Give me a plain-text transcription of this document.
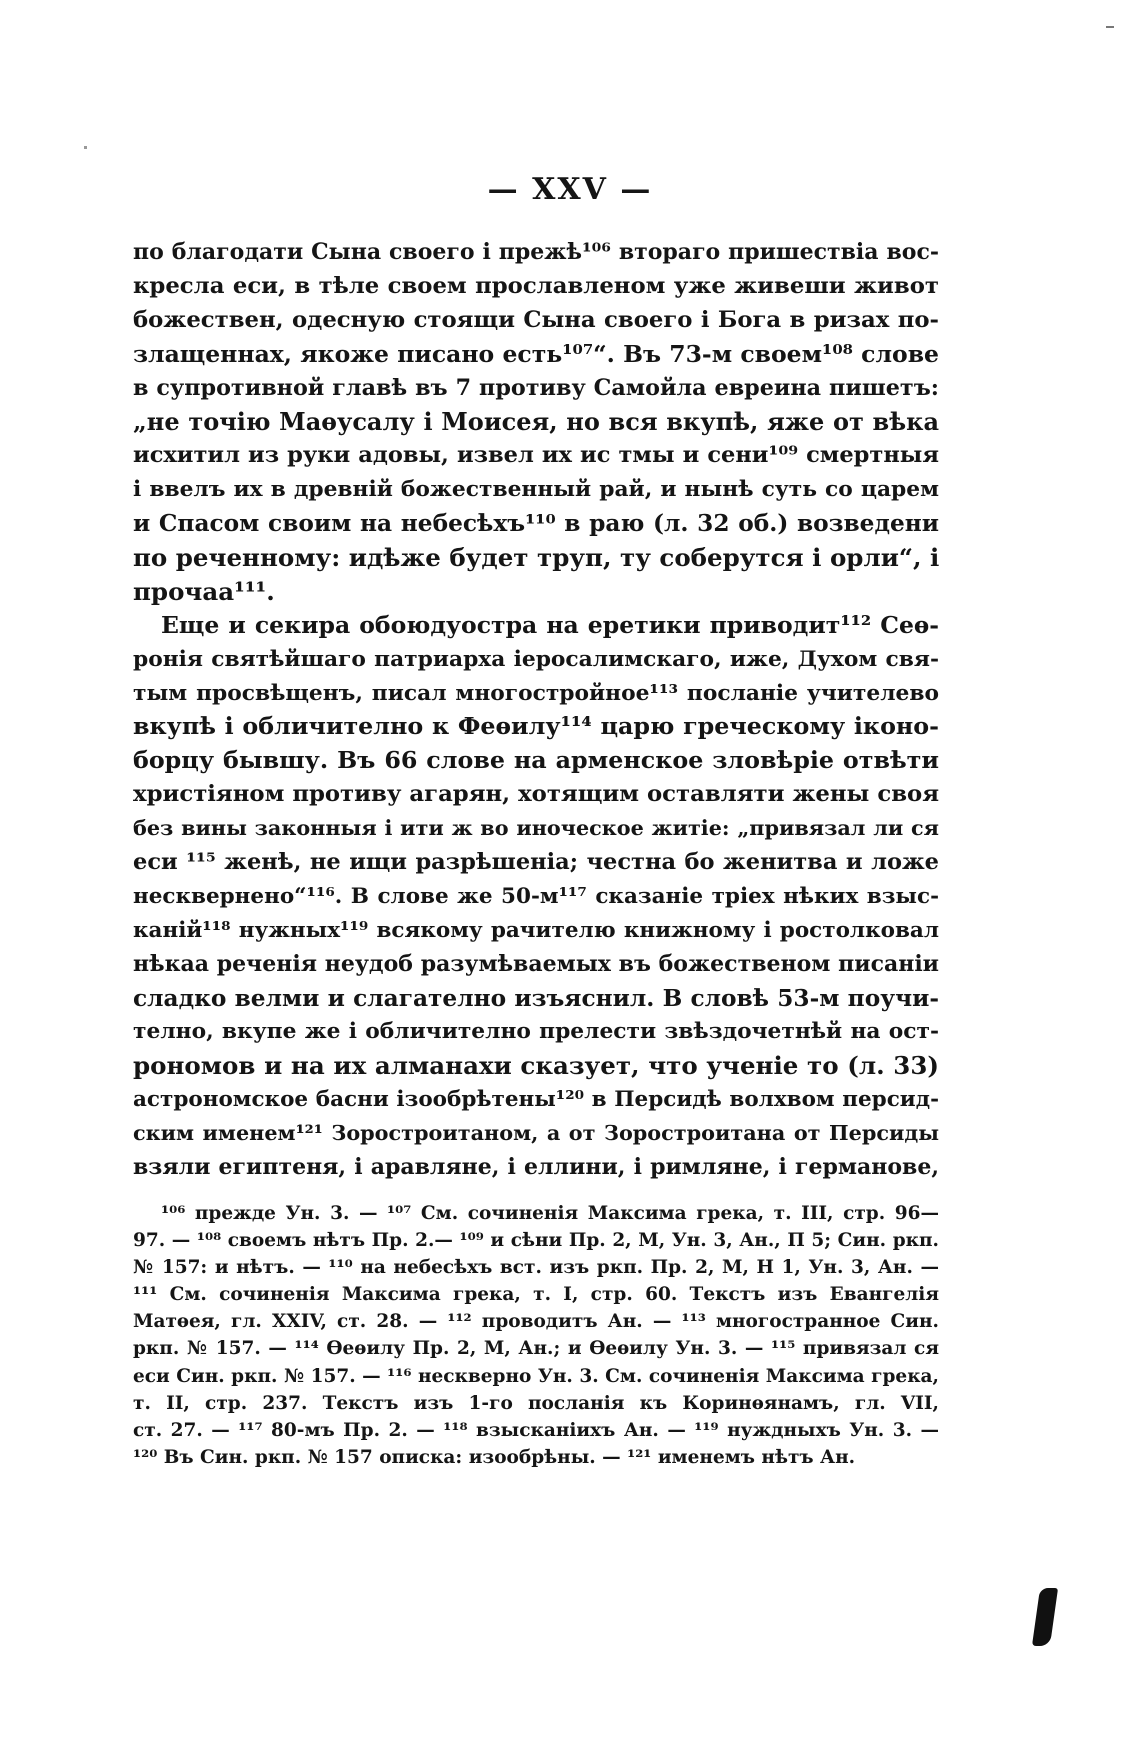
— XXV —
по благодати Сына своего і прежѣ¹⁰⁶ втораго пришествіа вос-
кресла еси, в тѣле своем прославленом уже живеши живот
божествен, одесную стоящи Сына своего і Бога в ризах по-
злащеннах, якоже писано есть¹⁰⁷“. Въ 73-м своем¹⁰⁸ слове
в супротивной главѣ въ 7 противу Самойла евреина пишетъ:
„не точію Маѳусалу і Моисея, но вся вкупѣ, яже от вѣка
исхитил из руки адовы, извел их ис тмы и сени¹⁰⁹ смертныя
і ввелъ их в древній божественный рай, и нынѣ суть со царем
и Спасом своим на небесѣхъ¹¹⁰ в раю (л. 32 об.) возведени
по реченному: идѣже будет труп, ту соберутся і орли“, і
прочаа¹¹¹.
Еще и секира обоюдуостра на еретики приводит¹¹² Сеѳ-
ронія святѣйшаго патриарха іеросалимскаго, иже, Духом свя-
тым просвѣщенъ, писал многостройное¹¹³ посланіе учителево
вкупѣ і обличително к Феѳилу¹¹⁴ царю греческому іконо-
борцу бывшу. Въ 66 слове на арменское зловѣріе отвѣти
христіяном противу агарян, хотящим оставляти жены своя
без вины законныя і ити ж во иноческое житіе: „привязал ли ся
еси ¹¹⁵ женѣ, не ищи разрѣшеніа; честна бо женитва и ложе
нескверненo“¹¹⁶. В слове же 50-м¹¹⁷ сказаніе тріех нѣких взыс-
каній¹¹⁸ нужных¹¹⁹ всякому рачителю книжному і ростолковал
нѣкаа реченія неудоб разумѣваемых въ божественом писаніи
сладко велми и слагателно изъяснил. В словѣ 53-м поучи-
телно, вкупе же і обличително прелести звѣздочетнѣй на ост-
рономов и на их алманахи сказует, что ученіе то (л. 33)
астрономское басни ізообрѣтены¹²⁰ в Персидѣ волхвом персид-
ским именем¹²¹ Зоростроитаном, а от Зоростроитана от Персиды
взяли египтеня, і аравляне, і еллини, і римляне, і германове,
¹⁰⁶ прежде Ун. 3. — ¹⁰⁷ См. сочиненія Максима грека, т. III, стр. 96—
97. — ¹⁰⁸ своемъ нѣтъ Пр. 2.— ¹⁰⁹ и сѣни Пр. 2, М, Ун. 3, Ан., П 5; Син. ркп.
№ 157: и нѣтъ. — ¹¹⁰ на небесѣхъ вст. изъ ркп. Пр. 2, М, Н 1, Ун. 3, Ан. —
¹¹¹ См. сочиненія Максима грека, т. I, стр. 60. Текстъ изъ Евангелія
Матѳея, гл. XXIV, ст. 28. — ¹¹² проводитъ Ан. — ¹¹³ многостранное Син.
ркп. № 157. — ¹¹⁴ Ѳеѳилу Пр. 2, М, Ан.; и Ѳеѳилу Ун. 3. — ¹¹⁵ привязал ся
еси Син. ркп. № 157. — ¹¹⁶ нескверно Ун. 3. См. сочиненія Максима грека,
т. II, стр. 237. Текстъ изъ 1-го посланія къ Коринѳянамъ, гл. VII,
ст. 27. — ¹¹⁷ 80-мъ Пр. 2. — ¹¹⁸ взысканіихъ Ан. — ¹¹⁹ нуждныхъ Ун. 3. —
¹²⁰ Въ Син. ркп. № 157 описка: изообрѣны. — ¹²¹ именемъ нѣтъ Ан.
